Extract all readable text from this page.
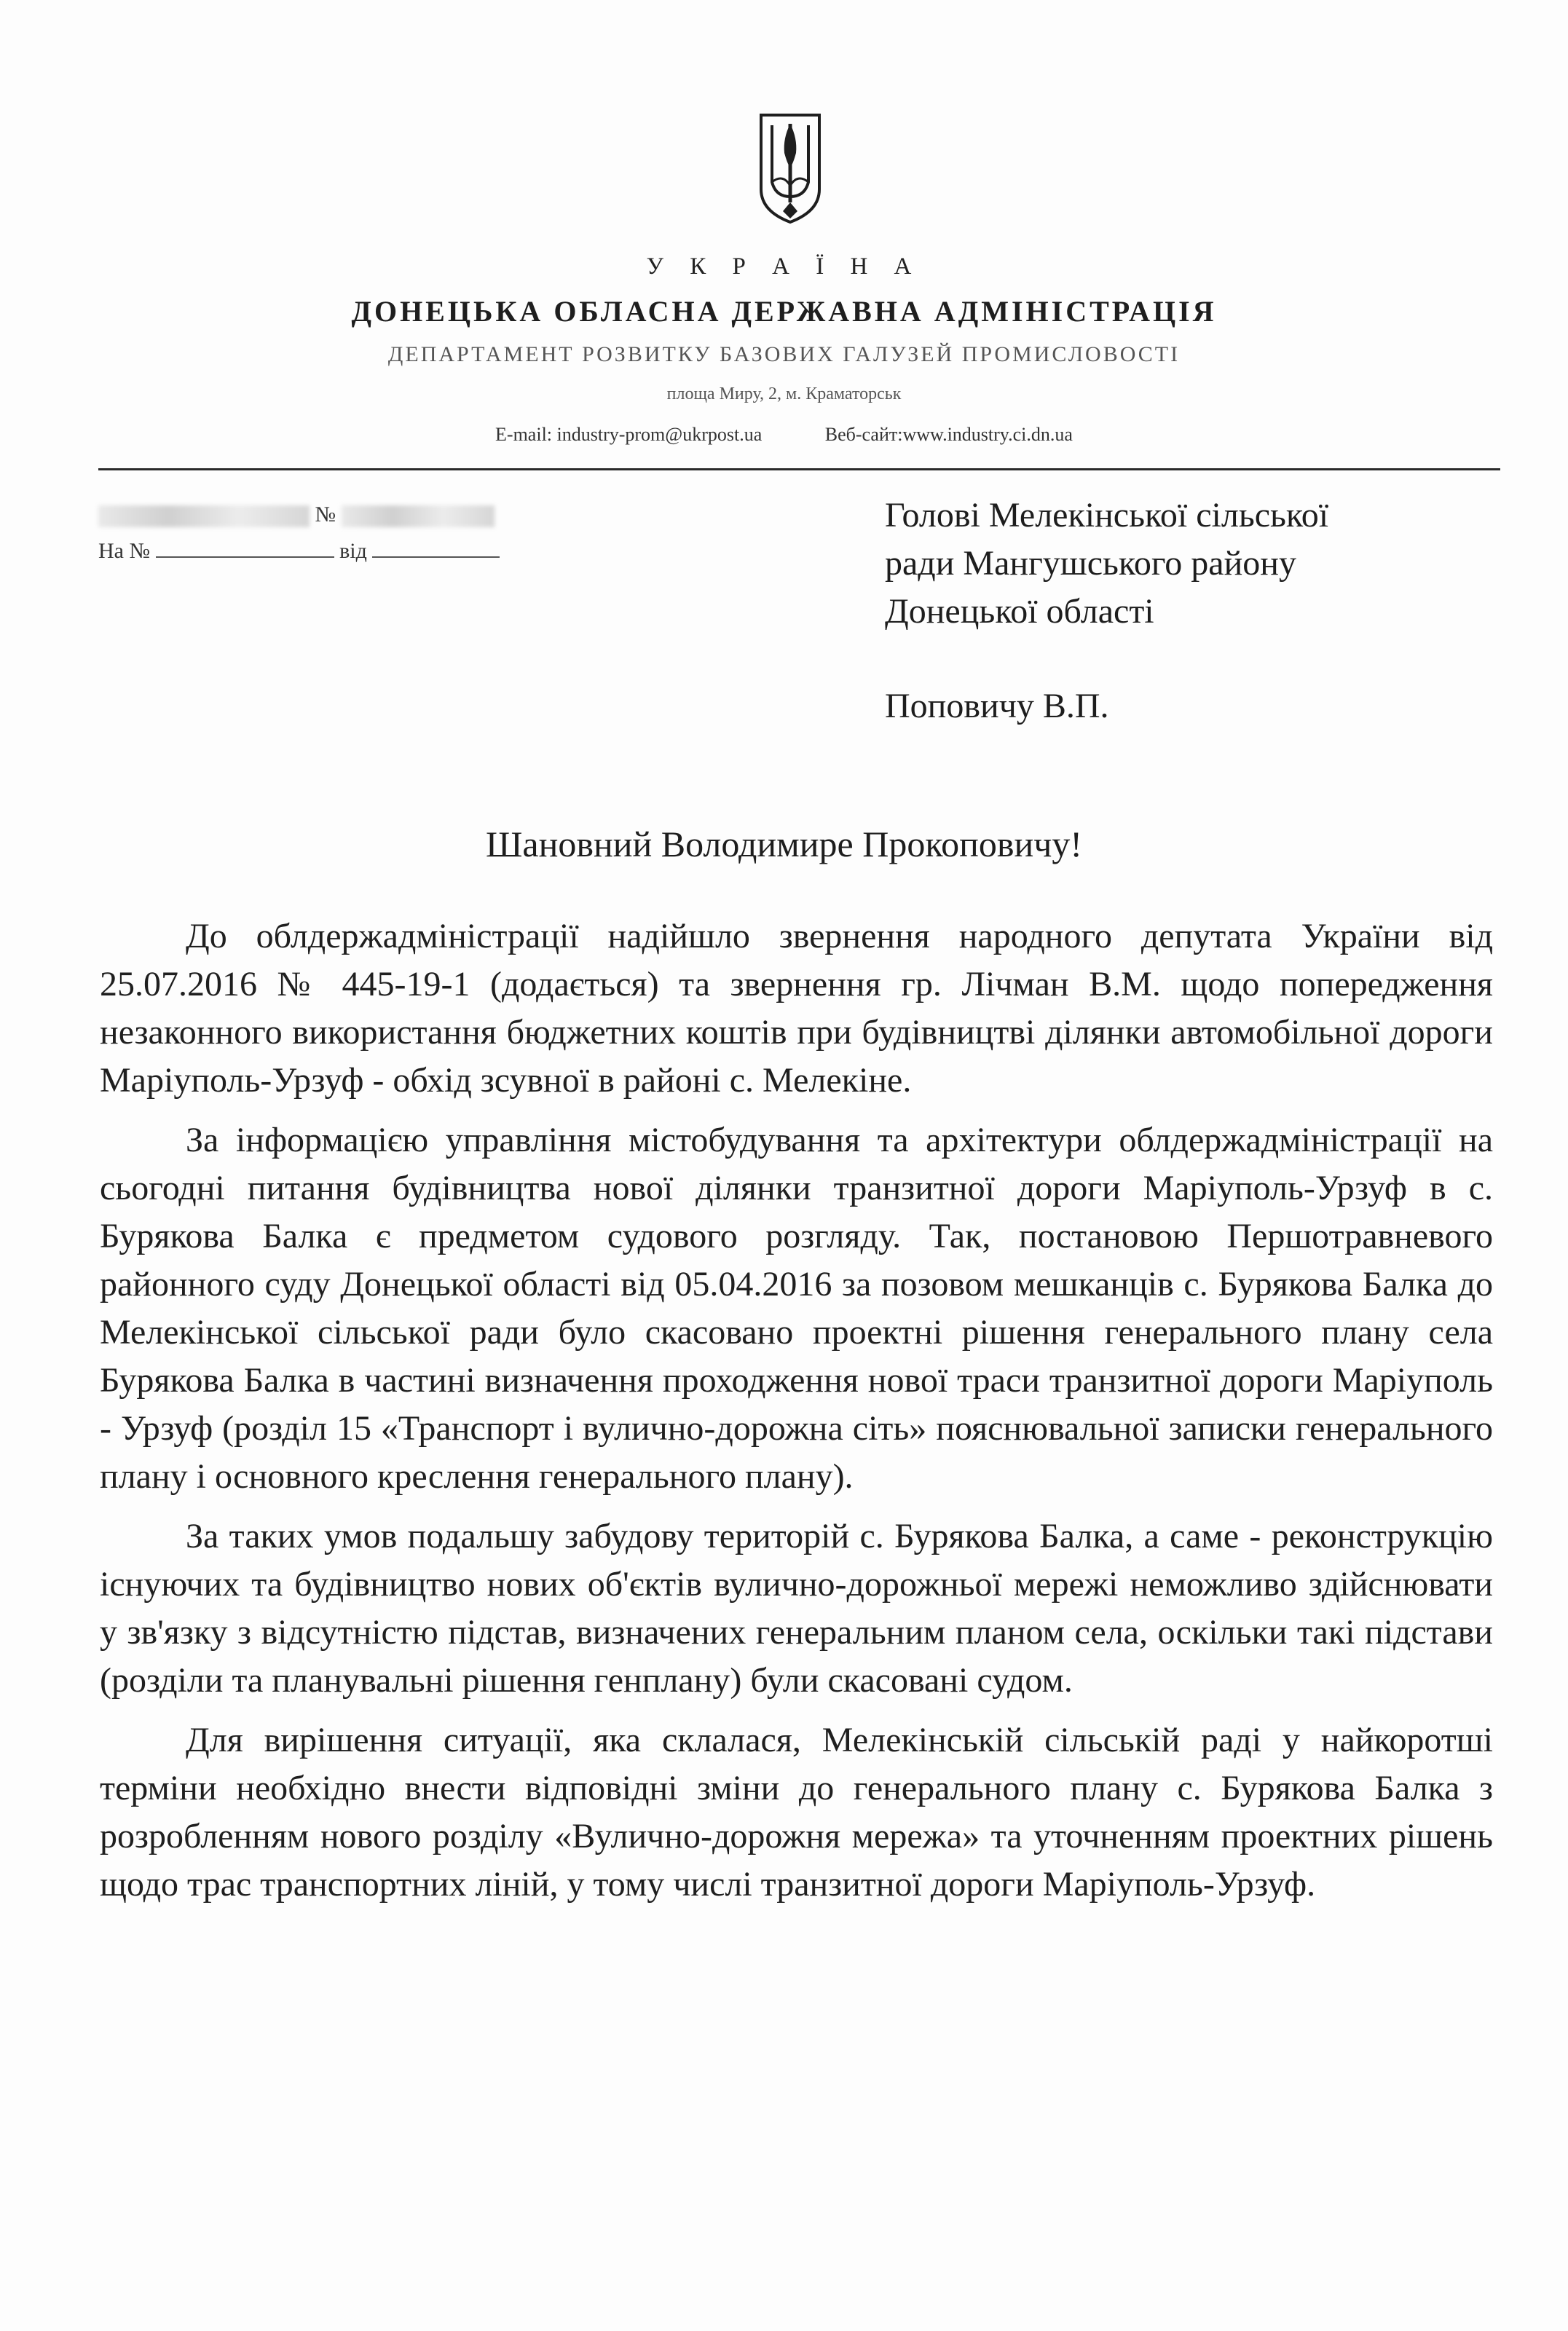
У К Р А Ї Н А

ДОНЕЦЬКА ОБЛАСНА ДЕРЖАВНА АДМІНІСТРАЦІЯ

ДЕПАРТАМЕНТ РОЗВИТКУ БАЗОВИХ ГАЛУЗЕЙ ПРОМИСЛОВОСТІ

площа Миру, 2, м. Краматорськ

E-mail: industry-prom@ukrpost.ua	Веб-сайт:www.industry.ci.dn.ua

№
На №	від
Голові Мелекінської сільської
ради Мангушського району
Донецької області
Поповичу В.П.

Шановний Володимире Прокоповичу!

До облдержадміністрації надійшло звернення народного депутата України від 25.07.2016 № 445-19-1 (додається) та звернення гр. Лічман В.М. щодо попередження незаконного використання бюджетних коштів при будівництві ділянки автомобільної дороги Маріуполь-Урзуф - обхід зсувної в районі с. Мелекіне.

За інформацією управління містобудування та архітектури облдержадміністрації на сьогодні питання будівництва нової ділянки транзитної дороги Маріуполь-Урзуф в с. Бурякова Балка є предметом судового розгляду. Так, постановою Першотравневого районного суду Донецької області від 05.04.2016 за позовом мешканців с. Бурякова Балка до Мелекінської сільської ради було скасовано проектні рішення генерального плану села Бурякова Балка в частині визначення проходження нової траси транзитної дороги Маріуполь - Урзуф (розділ 15 «Транспорт і вулично-дорожна сіть» пояснювальної записки генерального плану і основного креслення генерального плану).

За таких умов подальшу забудову територій с. Бурякова Балка, а саме - реконструкцію існуючих та будівництво нових об'єктів вулично-дорожньої мережі неможливо здійснювати у зв'язку з відсутністю підстав, визначених генеральним планом села, оскільки такі підстави (розділи та планувальні рішення генплану) були скасовані судом.

Для вирішення ситуації, яка склалася, Мелекінській сільській раді у найкоротші терміни необхідно внести відповідні зміни до генерального плану с. Бурякова Балка з розробленням нового розділу «Вулично-дорожня мережа» та уточненням проектних рішень щодо трас транспортних ліній, у тому числі транзитної дороги Маріуполь-Урзуф.
